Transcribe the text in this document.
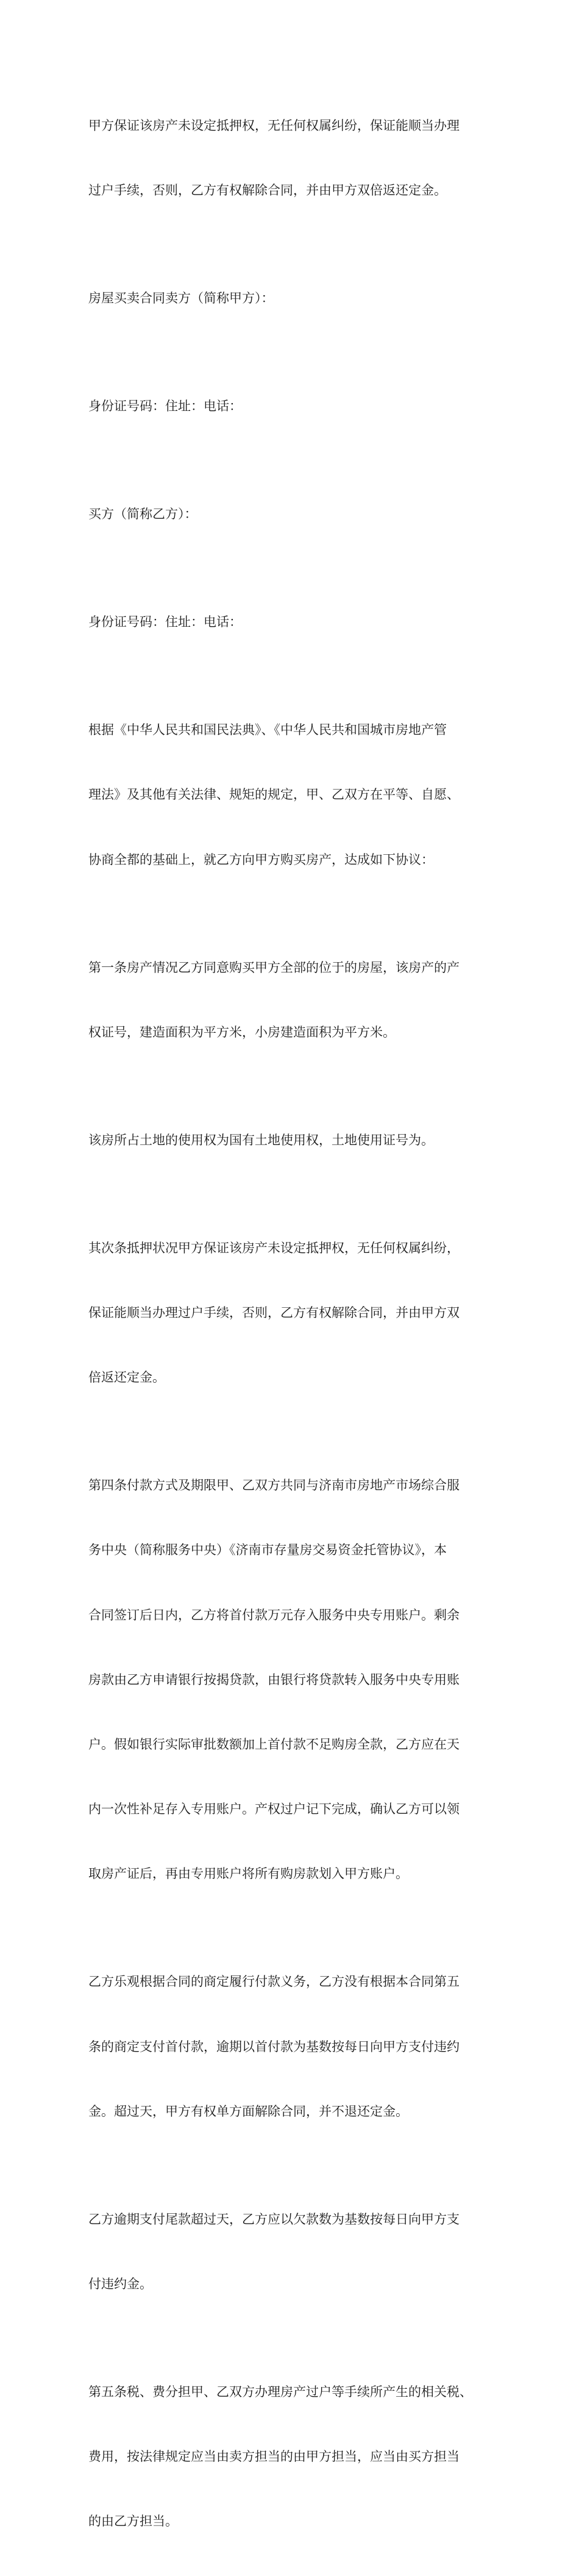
甲方保证该房产未设定抵押权，无任何权属纠纷，保证能顺当办理

过户手续，否则，乙方有权解除合同，并由甲方双倍返还定金。

房屋买卖合同卖方（简称甲方）：

身份证号码：住址：电话：

买方（简称乙方）：

身份证号码：住址：电话：

根据《中华人民共和国民法典》、《中华人民共和国城市房地产管

理法》及其他有关法律、规矩的规定，甲、乙双方在平等、自愿、

协商全都的基础上，就乙方向甲方购买房产，达成如下协议：

第一条房产情况乙方同意购买甲方全部的位于的房屋，该房产的产

权证号，建造面积为平方米，小房建造面积为平方米。

该房所占土地的使用权为国有土地使用权，土地使用证号为。

其次条抵押状况甲方保证该房产未设定抵押权，无任何权属纠纷，

保证能顺当办理过户手续，否则，乙方有权解除合同，并由甲方双

倍返还定金。

第四条付款方式及期限甲、乙双方共同与济南市房地产市场综合服

务中央（简称服务中央）《济南市存量房交易资金托管协议》，本

合同签订后日内，乙方将首付款万元存入服务中央专用账户。剩余

房款由乙方申请银行按揭贷款，由银行将贷款转入服务中央专用账

户。假如银行实际审批数额加上首付款不足购房全款，乙方应在天

内一次性补足存入专用账户。产权过户记下完成，确认乙方可以领

取房产证后，再由专用账户将所有购房款划入甲方账户。

乙方乐观根据合同的商定履行付款义务，乙方没有根据本合同第五

条的商定支付首付款，逾期以首付款为基数按每日向甲方支付违约

金。超过天，甲方有权单方面解除合同，并不退还定金。

乙方逾期支付尾款超过天，乙方应以欠款数为基数按每日向甲方支

付违约金。

第五条税、费分担甲、乙双方办理房产过户等手续所产生的相关税、

费用，按法律规定应当由卖方担当的由甲方担当，应当由买方担当

的由乙方担当。
